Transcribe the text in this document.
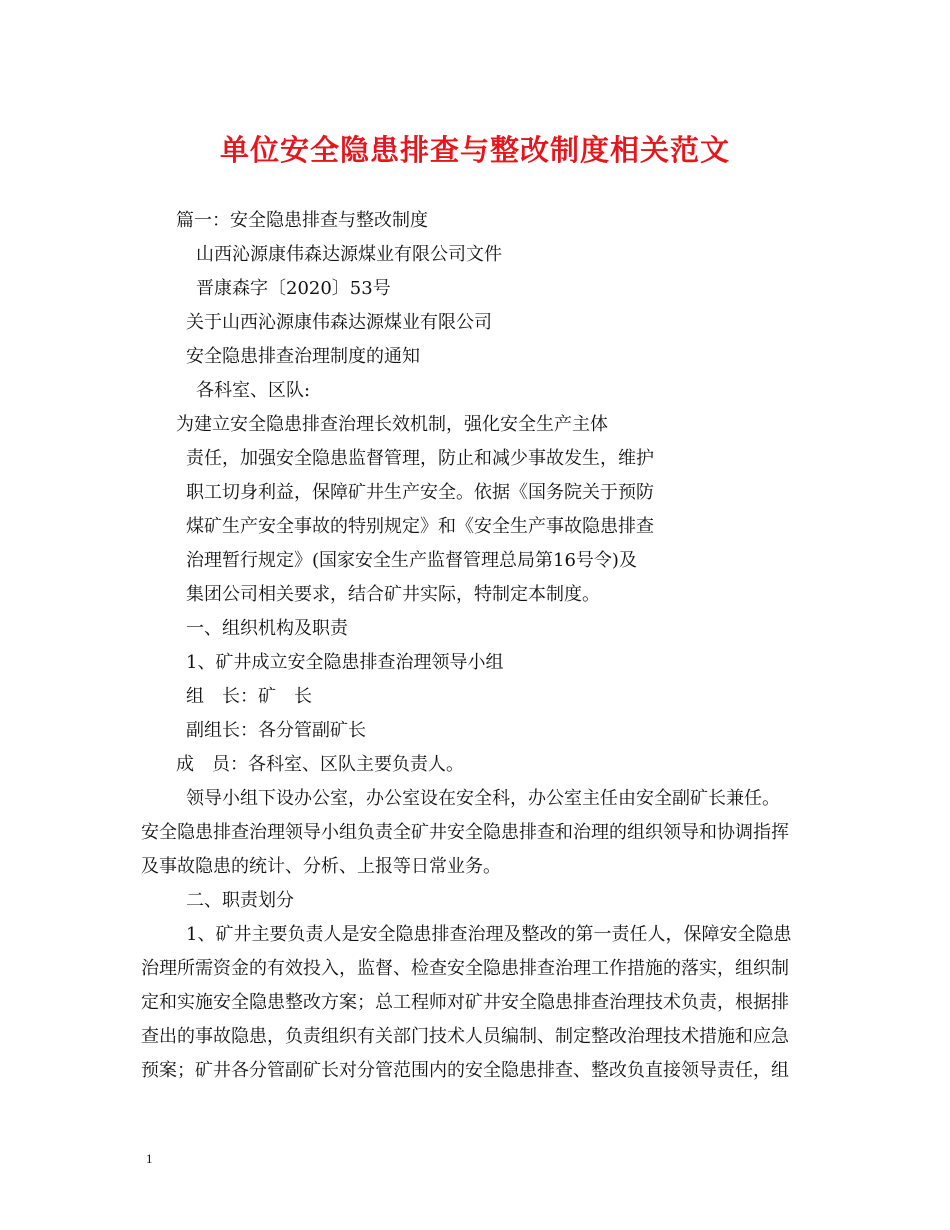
单位安全隐患排查与整改制度相关范文
篇一：安全隐患排查与整改制度
山西沁源康伟森达源煤业有限公司文件
晋康森字〔2020〕53号
关于山西沁源康伟森达源煤业有限公司
安全隐患排查治理制度的通知
各科室、区队:
为建立安全隐患排查治理长效机制，强化安全生产主体
责任，加强安全隐患监督管理，防止和减少事故发生，维护
职工切身利益，保障矿井生产安全。依据《国务院关于预防
煤矿生产安全事故的特别规定》和《安全生产事故隐患排查
治理暂行规定》(国家安全生产监督管理总局第16号令)及
集团公司相关要求，结合矿井实际，特制定本制度。
一、组织机构及职责
1、矿井成立安全隐患排查治理领导小组
组　长：矿　长
副组长：各分管副矿长
成　员：各科室、区队主要负责人。
领导小组下设办公室，办公室设在安全科，办公室主任由安全副矿长兼任。
安全隐患排查治理领导小组负责全矿井安全隐患排查和治理的组织领导和协调指挥
及事故隐患的统计、分析、上报等日常业务。
二、职责划分
1、矿井主要负责人是安全隐患排查治理及整改的第一责任人，保障安全隐患
治理所需资金的有效投入，监督、检查安全隐患排查治理工作措施的落实，组织制
定和实施安全隐患整改方案；总工程师对矿井安全隐患排查治理技术负责，根据排
查出的事故隐患，负责组织有关部门技术人员编制、制定整改治理技术措施和应急
预案；矿井各分管副矿长对分管范围内的安全隐患排查、整改负直接领导责任，组
1
